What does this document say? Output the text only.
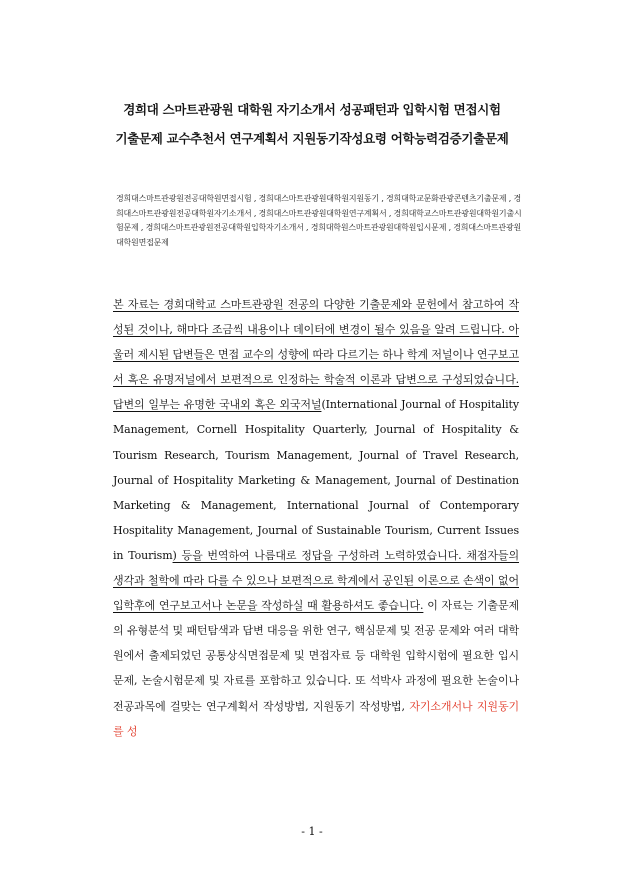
경희대 스마트관광원 대학원 자기소개서 성공패턴과 입학시험 면접시험
기출문제 교수추천서 연구계획서 지원동기작성요령 어학능력검증기출문제
경희대스마트관광원전공대학원면접시험 , 경희대스마트관광원대학원지원동기 , 경희대학교문화관광콘텐츠기출문제 , 경희대스마트관광원전공대학원자기소개서 , 경희대스마트관광원대학원연구계획서 , 경희대학교스마트관광원대학원기출시험문제 , 경희대스마트관광원전공대학원입학자기소개서 , 경희대학원스마트관광원대학원입시문제 , 경희대스마트관광원대학원면접문제
본 자료는 경희대학교 스마트관광원 전공의 다양한 기출문제와 문헌에서 참고하여 작성된 것이나, 해마다 조금씩 내용이나 데이터에 변경이 될수 있음을 알려 드립니다. 아울러 제시된 답변들은 면접 교수의 성향에 따라 다르기는 하나 학계 저널이나 연구보고서 혹은 유명저널에서 보편적으로 인정하는 학술적 이론과 답변으로 구성되었습니다. 답변의 일부는 유명한 국내외 혹은 외국저널(International Journal of Hospitality Management, Cornell Hospitality Quarterly, Journal of Hospitality & Tourism Research, Tourism Management, Journal of Travel Research, Journal of Hospitality Marketing & Management, Journal of Destination Marketing & Management, International Journal of Contemporary Hospitality Management, Journal of Sustainable Tourism, Current Issues in Tourism) 등을 번역하여 나름대로 정답을 구성하려 노력하였습니다. 채점자들의 생각과 철학에 따라 다를 수 있으나 보편적으로 학계에서 공인된 이론으로 손색이 없어 입학후에 연구보고서나 논문을 작성하실 때 활용하셔도 좋습니다. 이 자료는 기출문제의 유형분석 및 패턴탐색과 답변 대응을 위한 연구, 핵심문제 및 전공 문제와 여러 대학원에서 출제되었던 공통상식면접문제 및 면접자료 등 대학원 입학시험에 필요한 입시문제, 논술시험문제 및 자료를 포함하고 있습니다. 또 석박사 과정에 필요한 논술이나 전공과목에 걸맞는 연구계획서 작성방법, 지원동기 작성방법, 자기소개서나 지원동기를 성
- 1 -
